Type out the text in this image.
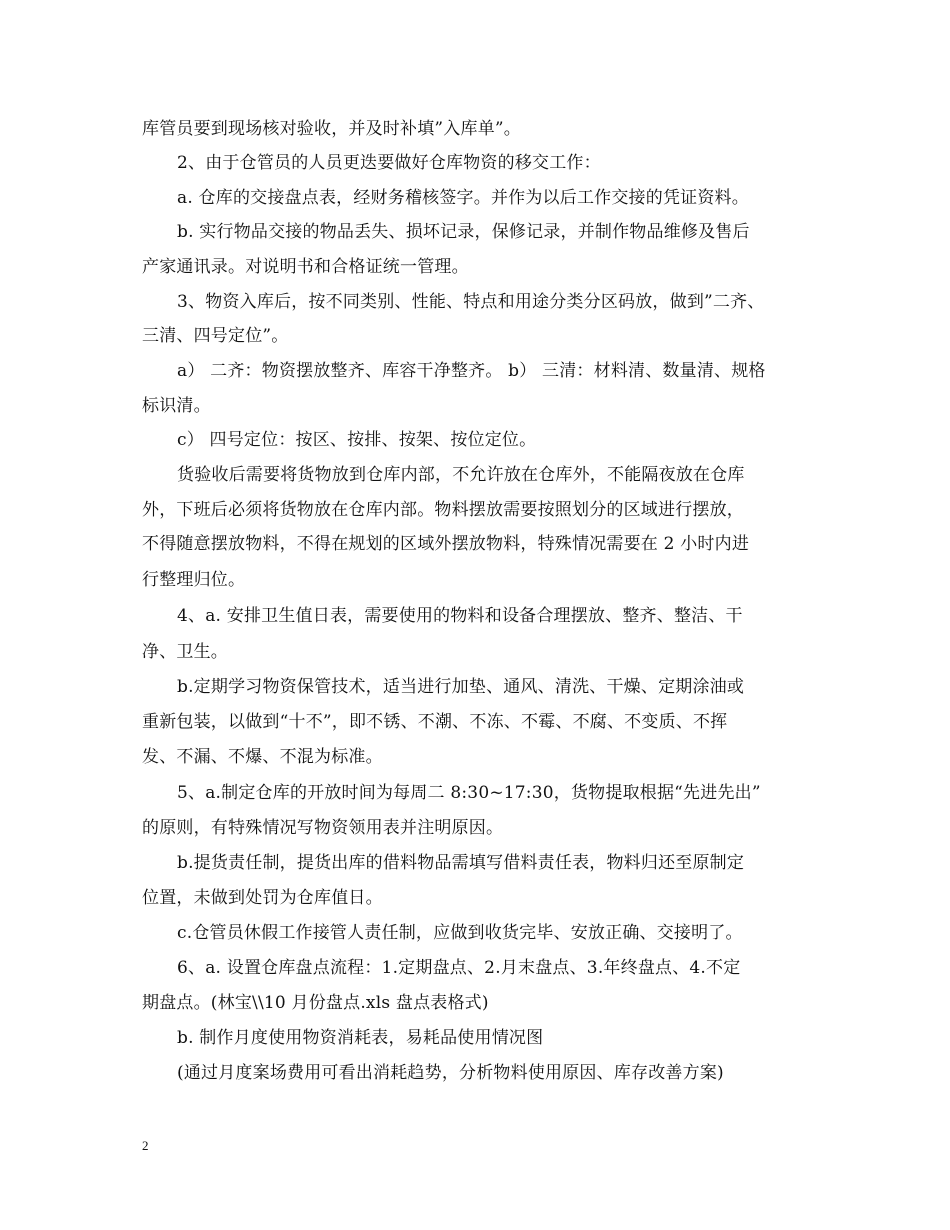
库管员要到现场核对验收，并及时补填”入库单”。
2、由于仓管员的人员更迭要做好仓库物资的移交工作：
a. 仓库的交接盘点表，经财务稽核签字。并作为以后工作交接的凭证资料。
b. 实行物品交接的物品丢失、损坏记录，保修记录，并制作物品维修及售后
产家通讯录。对说明书和合格证统一管理。
3、物资入库后，按不同类别、性能、特点和用途分类分区码放，做到”二齐、
三清、四号定位”。
a） 二齐：物资摆放整齐、库容干净整齐。 b） 三清：材料清、数量清、规格
标识清。
c） 四号定位：按区、按排、按架、按位定位。
货验收后需要将货物放到仓库内部，不允许放在仓库外，不能隔夜放在仓库
外，下班后必须将货物放在仓库内部。物料摆放需要按照划分的区域进行摆放，
不得随意摆放物料，不得在规划的区域外摆放物料，特殊情况需要在 2 小时内进
行整理归位。
4、a. 安排卫生值日表，需要使用的物料和设备合理摆放、整齐、整洁、干
净、卫生。
b.定期学习物资保管技术，适当进行加垫、通风、清洗、干燥、定期涂油或
重新包装，以做到“十不”，即不锈、不潮、不冻、不霉、不腐、不变质、不挥
发、不漏、不爆、不混为标准。
5、a.制定仓库的开放时间为每周二 8:30~17:30，货物提取根据“先进先出”
的原则，有特殊情况写物资领用表并注明原因。
b.提货责任制，提货出库的借料物品需填写借料责任表，物料归还至原制定
位置，未做到处罚为仓库值日。
c.仓管员休假工作接管人责任制，应做到收货完毕、安放正确、交接明了。
6、a. 设置仓库盘点流程：1.定期盘点、2.月末盘点、3.年终盘点、4.不定
期盘点。(林宝\\10 月份盘点.xls 盘点表格式)
b. 制作月度使用物资消耗表，易耗品使用情况图
(通过月度案场费用可看出消耗趋势，分析物料使用原因、库存改善方案)
2
